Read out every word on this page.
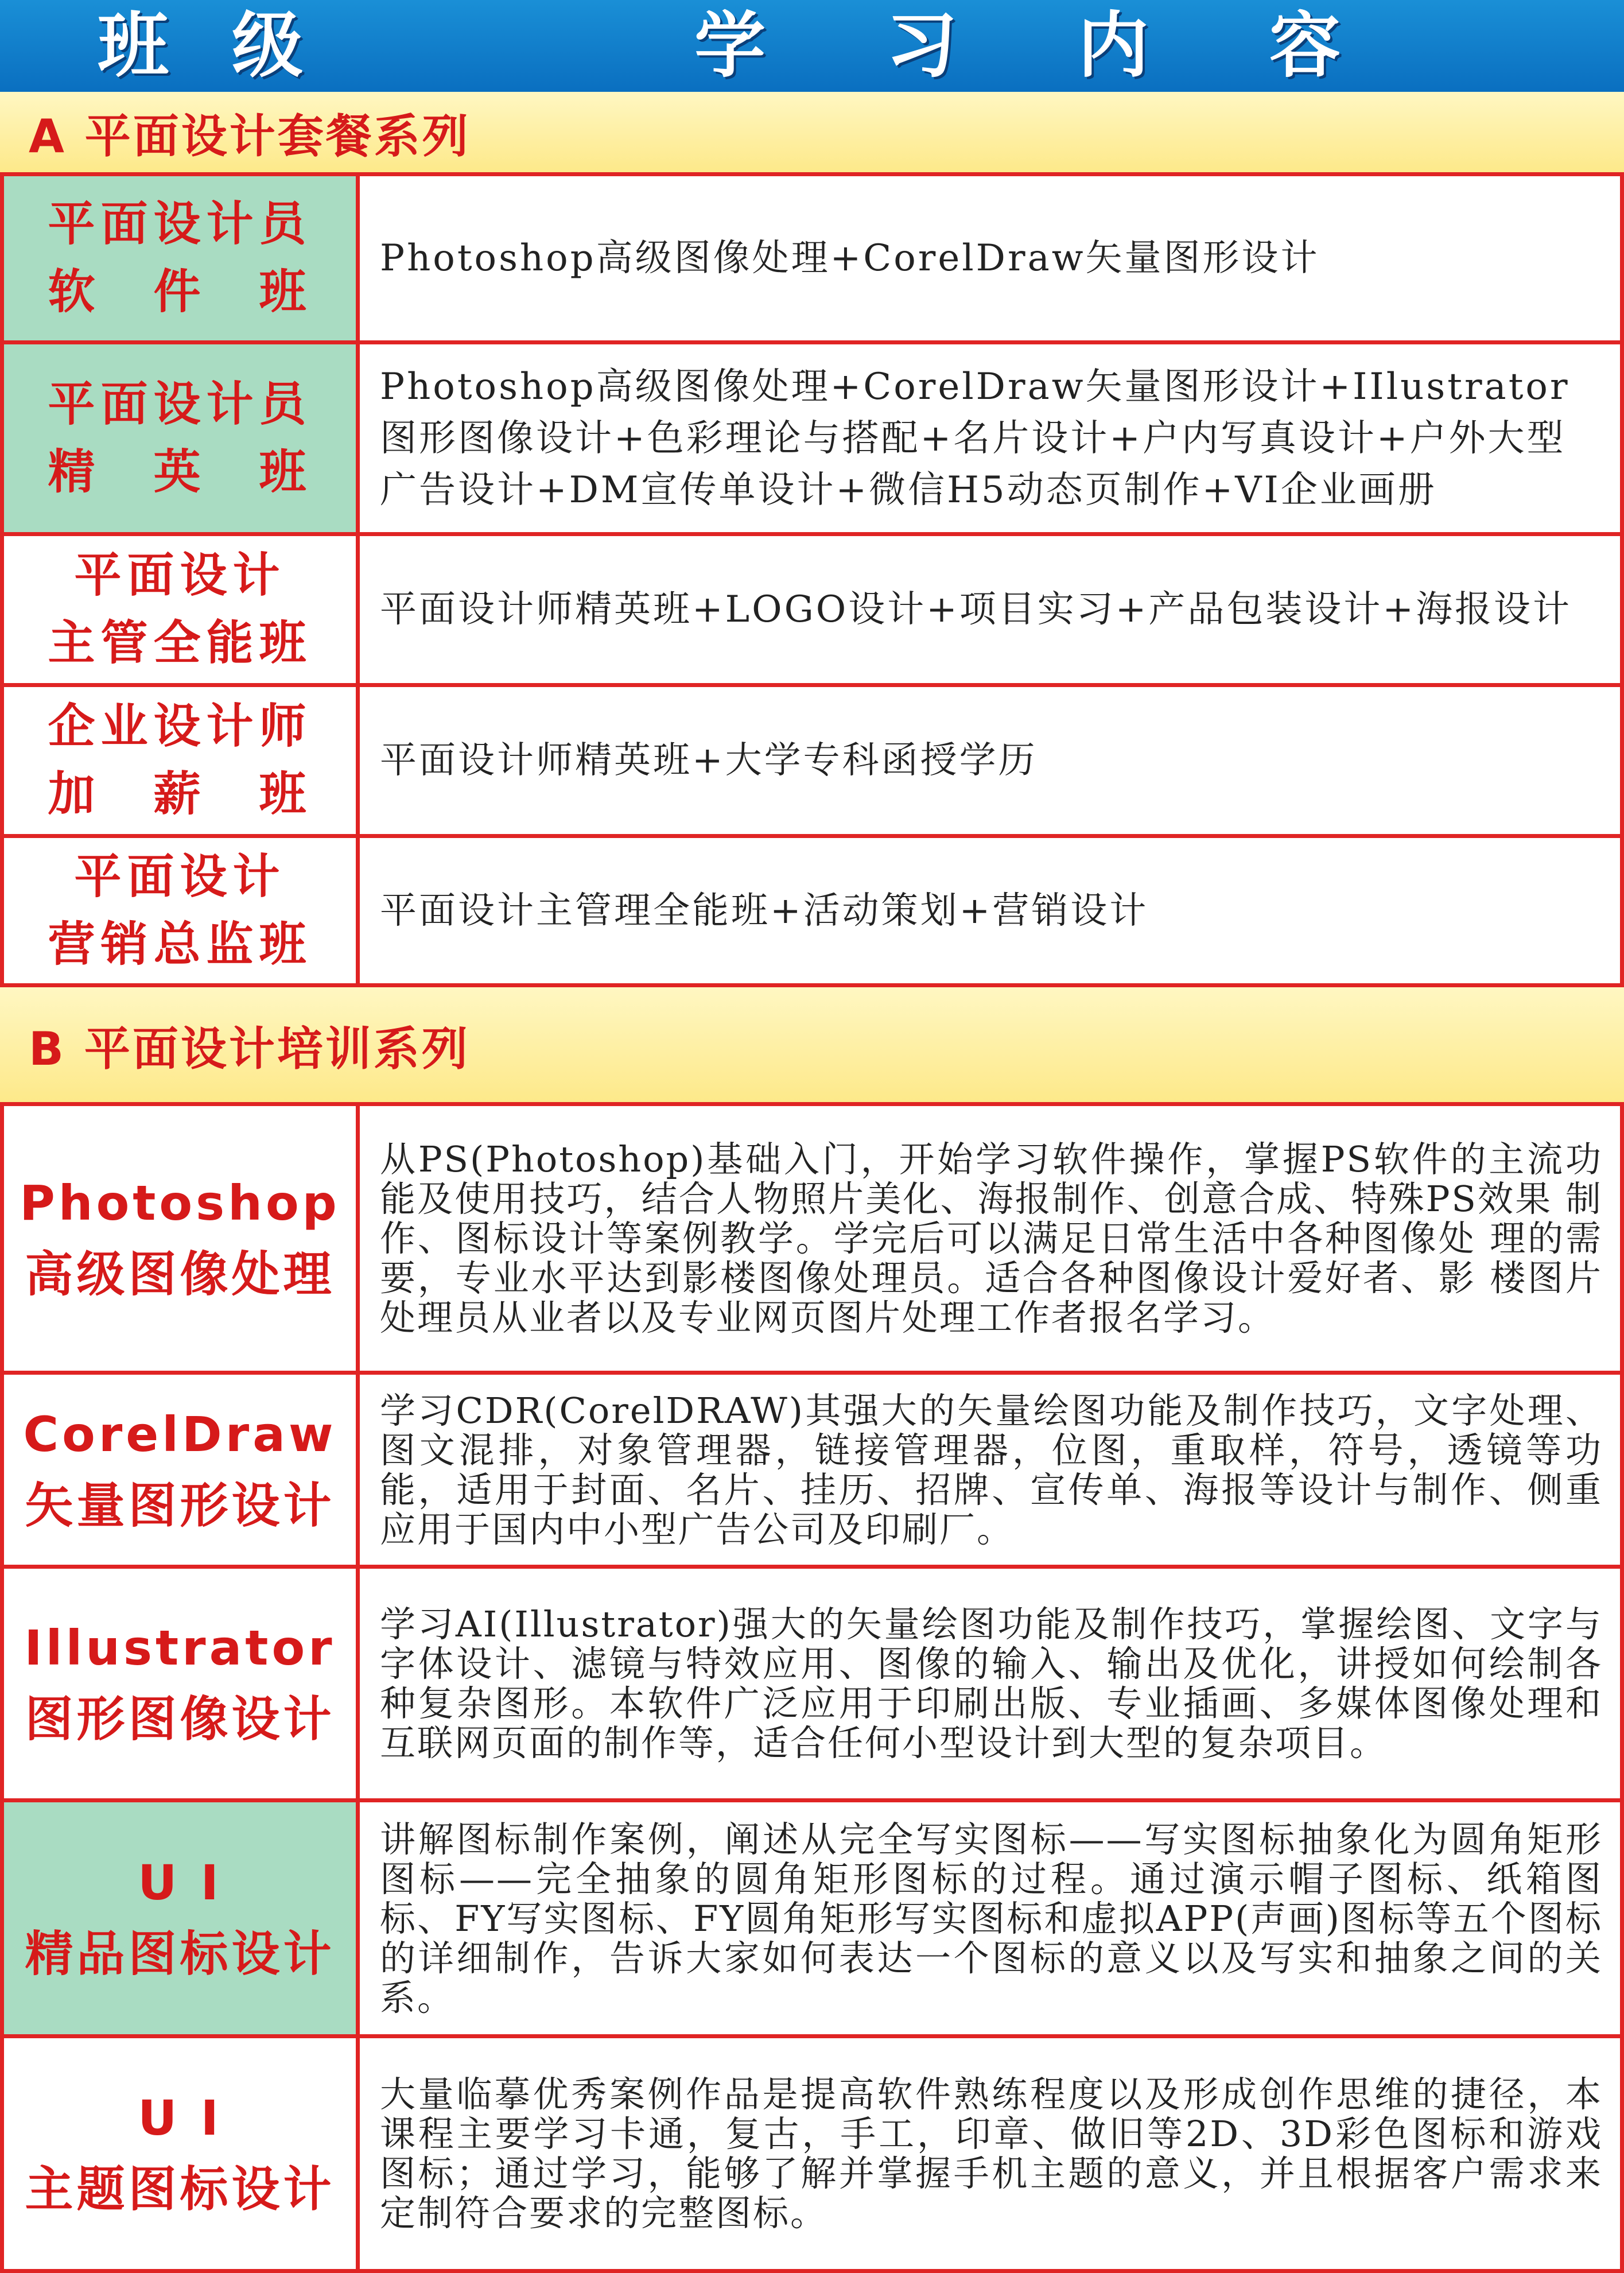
班级	学习内容
A 平面设计套餐系列
平面设计员
软　件　班
Photoshop高级图像处理+CorelDraw矢量图形设计
平面设计员
精　英　班
Photoshop高级图像处理+CorelDraw矢量图形设计+IIlustrator图形图像设计+色彩理论与搭配+名片设计+户内写真设计+户外大型广告设计+DM宣传单设计+微信H5动态页制作+VI企业画册
平面设计
主管全能班
平面设计师精英班+LOGO设计+项目实习+产品包装设计+海报设计
企业设计师
加　薪　班
平面设计师精英班+大学专科函授学历
平面设计
营销总监班
平面设计主管理全能班+活动策划+营销设计
B 平面设计培训系列
Photoshop
高级图像处理
从PS(Photoshop)基础入门，开始学习软件操作，掌握PS软件的主流功能及使用技巧，结合人物照片美化、海报制作、创意合成、特殊PS效果 制作、图标设计等案例教学。学完后可以满足日常生活中各种图像处 理的需 要，专业水平达到影楼图像处理员。适合各种图像设计爱好者、影 楼图片 处理员从业者以及专业网页图片处理工作者报名学习。
CorelDraw
矢量图形设计
学习CDR(CorelDRAW)其强大的矢量绘图功能及制作技巧，文字处理、图文混排，对象管理器，链接管理器，位图，重取样，符号，透镜等功能，适用于封面、名片、挂历、招牌、宣传单、海报等设计与制作、侧重应用于国内中小型广告公司及印刷厂。
Illustrator
图形图像设计
学习AI(Illustrator)强大的矢量绘图功能及制作技巧，掌握绘图、文字与字体设计、滤镜与特效应用、图像的输入、输出及优化，讲授如何绘制各种复杂图形。本软件广泛应用于印刷出版、专业插画、多媒体图像处理和互联网页面的制作等，适合任何小型设计到大型的复杂项目。
U I
精品图标设计
讲解图标制作案例，阐述从完全写实图标——写实图标抽象化为圆角矩形图标——完全抽象的圆角矩形图标的过程。通过演示帽子图标、纸箱图标、FY写实图标、FY圆角矩形写实图标和虚拟APP(声画)图标等五个图标的详细制作，告诉大家如何表达一个图标的意义以及写实和抽象之间的关系。
U I
主题图标设计
大量临摹优秀案例作品是提高软件熟练程度以及形成创作思维的捷径，本课程主要学习卡通，复古，手工，印章、做旧等2D、3D彩色图标和游戏图标；通过学习，能够了解并掌握手机主题的意义，并且根据客户需求来定制符合要求的完整图标。
